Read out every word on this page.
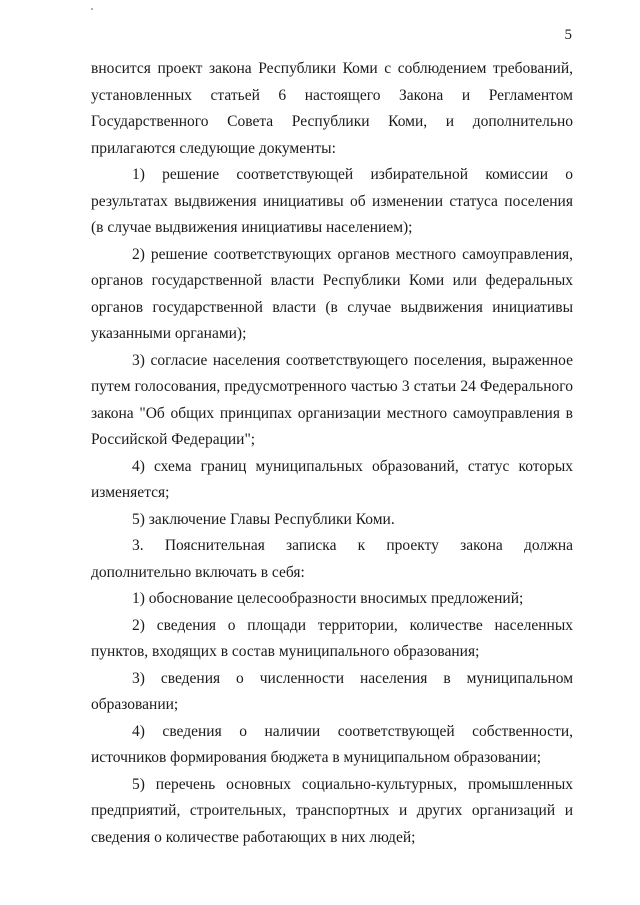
5

вносится проект закона Республики Коми с соблюдением требований, установленных статьей 6 настоящего Закона и Регламентом Государственного Совета Республики Коми, и дополнительно прилагаются следующие документы:

1) решение соответствующей избирательной комиссии о результатах выдвижения инициативы об изменении статуса поселения (в случае выдвижения инициативы населением);

2) решение соответствующих органов местного самоуправления, органов государственной власти Республики Коми или федеральных органов государственной власти (в случае выдвижения инициативы указанными органами);

3) согласие населения соответствующего поселения, выраженное путем голосования, предусмотренного частью 3 статьи 24 Федерального закона "Об общих принципах организации местного самоуправления в Российской Федерации";

4) схема границ муниципальных образований, статус которых изменяется;

5) заключение Главы Республики Коми.

3. Пояснительная записка к проекту закона должна дополнительно включать в себя:

1) обоснование целесообразности вносимых предложений;

2) сведения о площади территории, количестве населенных пунктов, входящих в состав муниципального образования;

3) сведения о численности населения в муниципальном образовании;

4) сведения о наличии соответствующей собственности, источников формирования бюджета в муниципальном образовании;

5) перечень основных социально-культурных, промышленных предприятий, строительных, транспортных и других организаций и сведения о количестве работающих в них людей;
